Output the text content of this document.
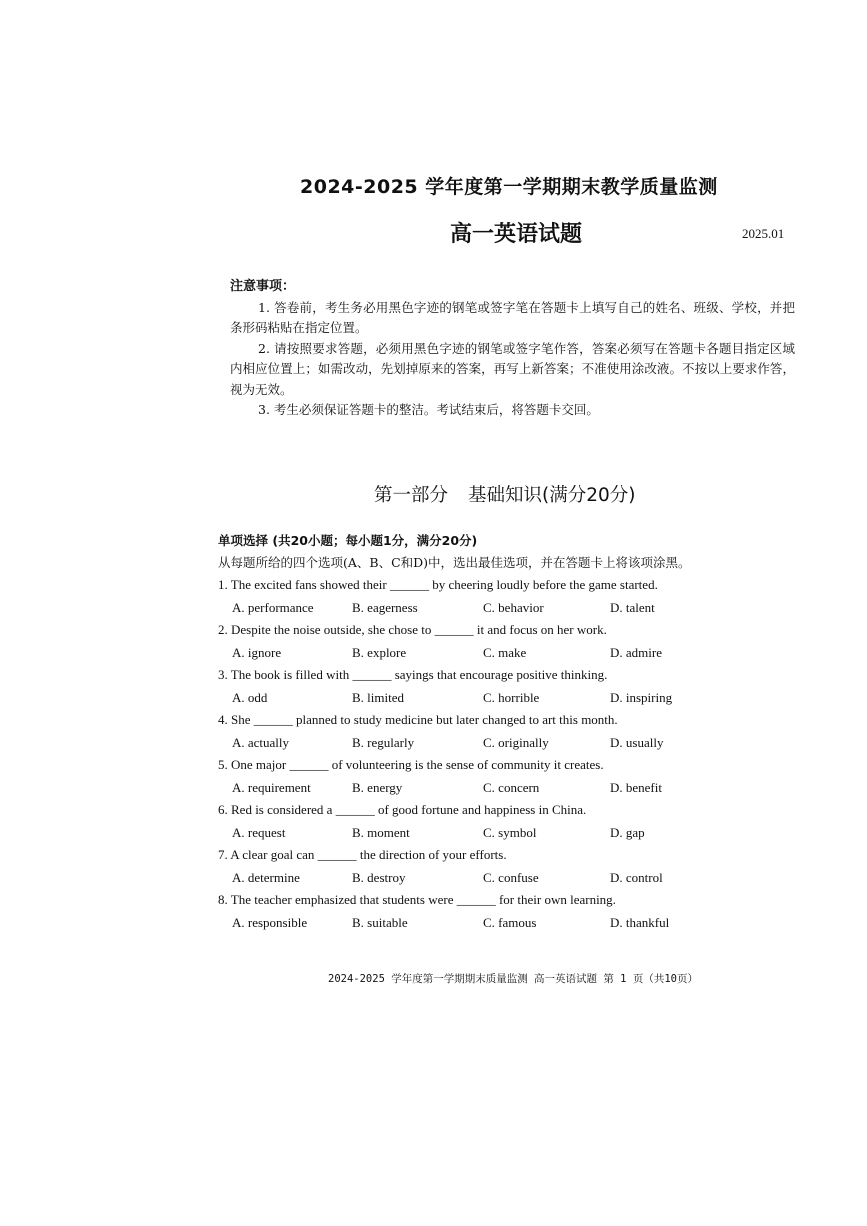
2024-2025 学年度第一学期期末教学质量监测
高一英语试题	2025.01
注意事项：

1. 答卷前，考生务必用黑色字迹的钢笔或签字笔在答题卡上填写自己的姓名、班级、学校，并把条形码粘贴在指定位置。

2. 请按照要求答题，必须用黑色字迹的钢笔或签字笔作答，答案必须写在答题卡各题目指定区域内相应位置上；如需改动，先划掉原来的答案，再写上新答案；不准使用涂改液。不按以上要求作答，视为无效。

3. 考生必须保证答题卡的整洁。考试结束后，将答题卡交回。

第一部分 基础知识(满分20分)
单项选择 (共20小题；每小题1分，满分20分)
从每题所给的四个选项(A、B、C和D)中，选出最佳选项，并在答题卡上将该项涂黑。
1. The excited fans showed their ______ by cheering loudly before the game started.
A. performance	B. eagerness	C. behavior	D. talent
2. Despite the noise outside, she chose to ______ it and focus on her work.
A. ignore	B. explore	C. make	D. admire
3. The book is filled with ______ sayings that encourage positive thinking.
A. odd	B. limited	C. horrible	D. inspiring
4. She ______ planned to study medicine but later changed to art this month.
A. actually	B. regularly	C. originally	D. usually
5. One major ______ of volunteering is the sense of community it creates.
A. requirement	B. energy	C. concern	D. benefit
6. Red is considered a ______ of good fortune and happiness in China.
A. request	B. moment	C. symbol	D. gap
7. A clear goal can ______ the direction of your efforts.
A. determine	B. destroy	C. confuse	D. control
8. The teacher emphasized that students were ______ for their own learning.
A. responsible	B. suitable	C. famous	D. thankful
2024-2025 学年度第一学期期末质量监测 高一英语试题 第 1 页（共10页）
